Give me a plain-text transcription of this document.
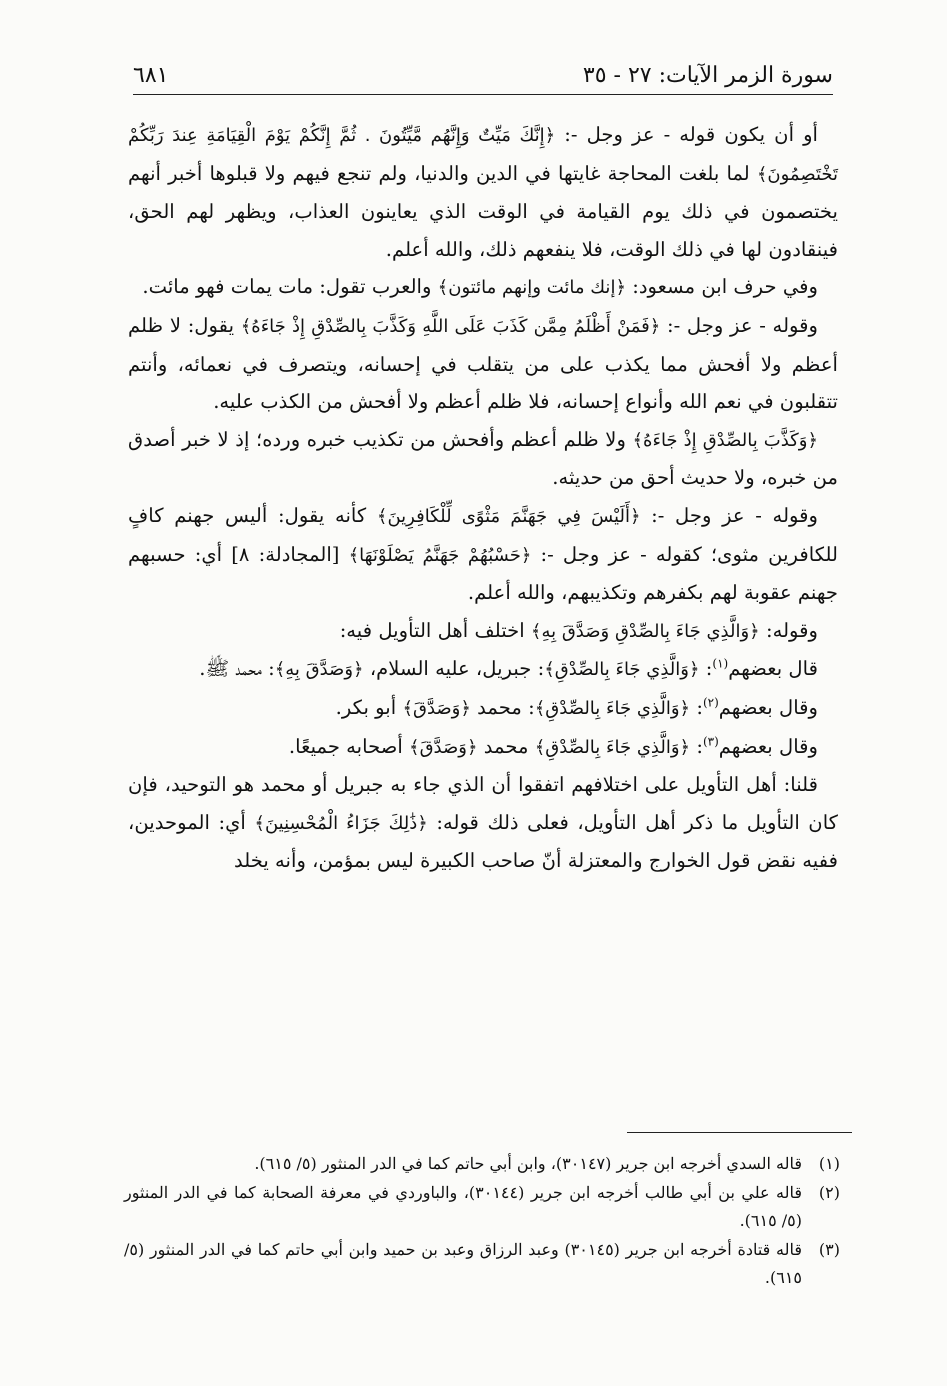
سورة الزمر الآيات: ٢٧ - ٣٥
٦٨١

أو أن يكون قوله - عز وجل -: ﴿إِنَّكَ مَيِّتٌ وَإِنَّهُم مَّيِّتُونَ . ثُمَّ إِنَّكُمْ يَوْمَ الْقِيَامَةِ عِندَ رَبِّكُمْ تَخْتَصِمُونَ﴾ لما بلغت المحاجة غايتها في الدين والدنيا، ولم تنجع فيهم ولا قبلوها أخبر أنهم يختصمون في ذلك يوم القيامة في الوقت الذي يعاينون العذاب، ويظهر لهم الحق، فينقادون لها في ذلك الوقت، فلا ينفعهم ذلك، والله أعلم.

وفي حرف ابن مسعود: ﴿إنك مائت وإنهم مائتون﴾ والعرب تقول: مات يمات فهو مائت.

وقوله - عز وجل -: ﴿فَمَنْ أَظْلَمُ مِمَّن كَذَبَ عَلَى اللَّهِ وَكَذَّبَ بِالصِّدْقِ إِذْ جَاءَهُ﴾ يقول: لا ظلم أعظم ولا أفحش مما يكذب على من يتقلب في إحسانه، ويتصرف في نعمائه، وأنتم تتقلبون في نعم الله وأنواع إحسانه، فلا ظلم أعظم ولا أفحش من الكذب عليه.

﴿وَكَذَّبَ بِالصِّدْقِ إِذْ جَاءَهُ﴾ ولا ظلم أعظم وأفحش من تكذيب خبره ورده؛ إذ لا خبر أصدق من خبره، ولا حديث أحق من حديثه.

وقوله - عز وجل -: ﴿أَلَيْسَ فِي جَهَنَّمَ مَثْوًى لِّلْكَافِرِينَ﴾ كأنه يقول: أليس جهنم كافٍ للكافرين مثوى؛ كقوله - عز وجل -: ﴿حَسْبُهُمْ جَهَنَّمُ يَصْلَوْنَهَا﴾ [المجادلة: ٨] أي: حسبهم جهنم عقوبة لهم بكفرهم وتكذيبهم، والله أعلم.

وقوله: ﴿وَالَّذِي جَاءَ بِالصِّدْقِ وَصَدَّقَ بِهِ﴾ اختلف أهل التأويل فيه:

قال بعضهم$^{(١)}$: ﴿وَالَّذِي جَاءَ بِالصِّدْقِ﴾: جبريل، عليه السلام، ﴿وَصَدَّقَ بِهِ﴾: محمد ﷺ.

وقال بعضهم$^{(٢)}$: ﴿وَالَّذِي جَاءَ بِالصِّدْقِ﴾: محمد ﴿وَصَدَّقَ﴾ أبو بكر.

وقال بعضهم$^{(٣)}$: ﴿وَالَّذِي جَاءَ بِالصِّدْقِ﴾ محمد ﴿وَصَدَّقَ﴾ أصحابه جميعًا.

قلنا: أهل التأويل على اختلافهم اتفقوا أن الذي جاء به جبريل أو محمد هو التوحيد، فإن كان التأويل ما ذكر أهل التأويل، فعلى ذلك قوله: ﴿ذَٰلِكَ جَزَاءُ الْمُحْسِنِينَ﴾ أي: الموحدين، ففيه نقض قول الخوارج والمعتزلة أنّ صاحب الكبيرة ليس بمؤمن، وأنه يخلد

(١)
قاله السدي أخرجه ابن جرير (٣٠١٤٧)، وابن أبي حاتم كما في الدر المنثور (٥/ ٦١٥).
(٢)
قاله علي بن أبي طالب أخرجه ابن جرير (٣٠١٤٤)، والباوردي في معرفة الصحابة كما في الدر المنثور (٥/ ٦١٥).
(٣)
قاله قتادة أخرجه ابن جرير (٣٠١٤٥) وعبد الرزاق وعبد بن حميد وابن أبي حاتم كما في الدر المنثور (٥/ ٦١٥).
